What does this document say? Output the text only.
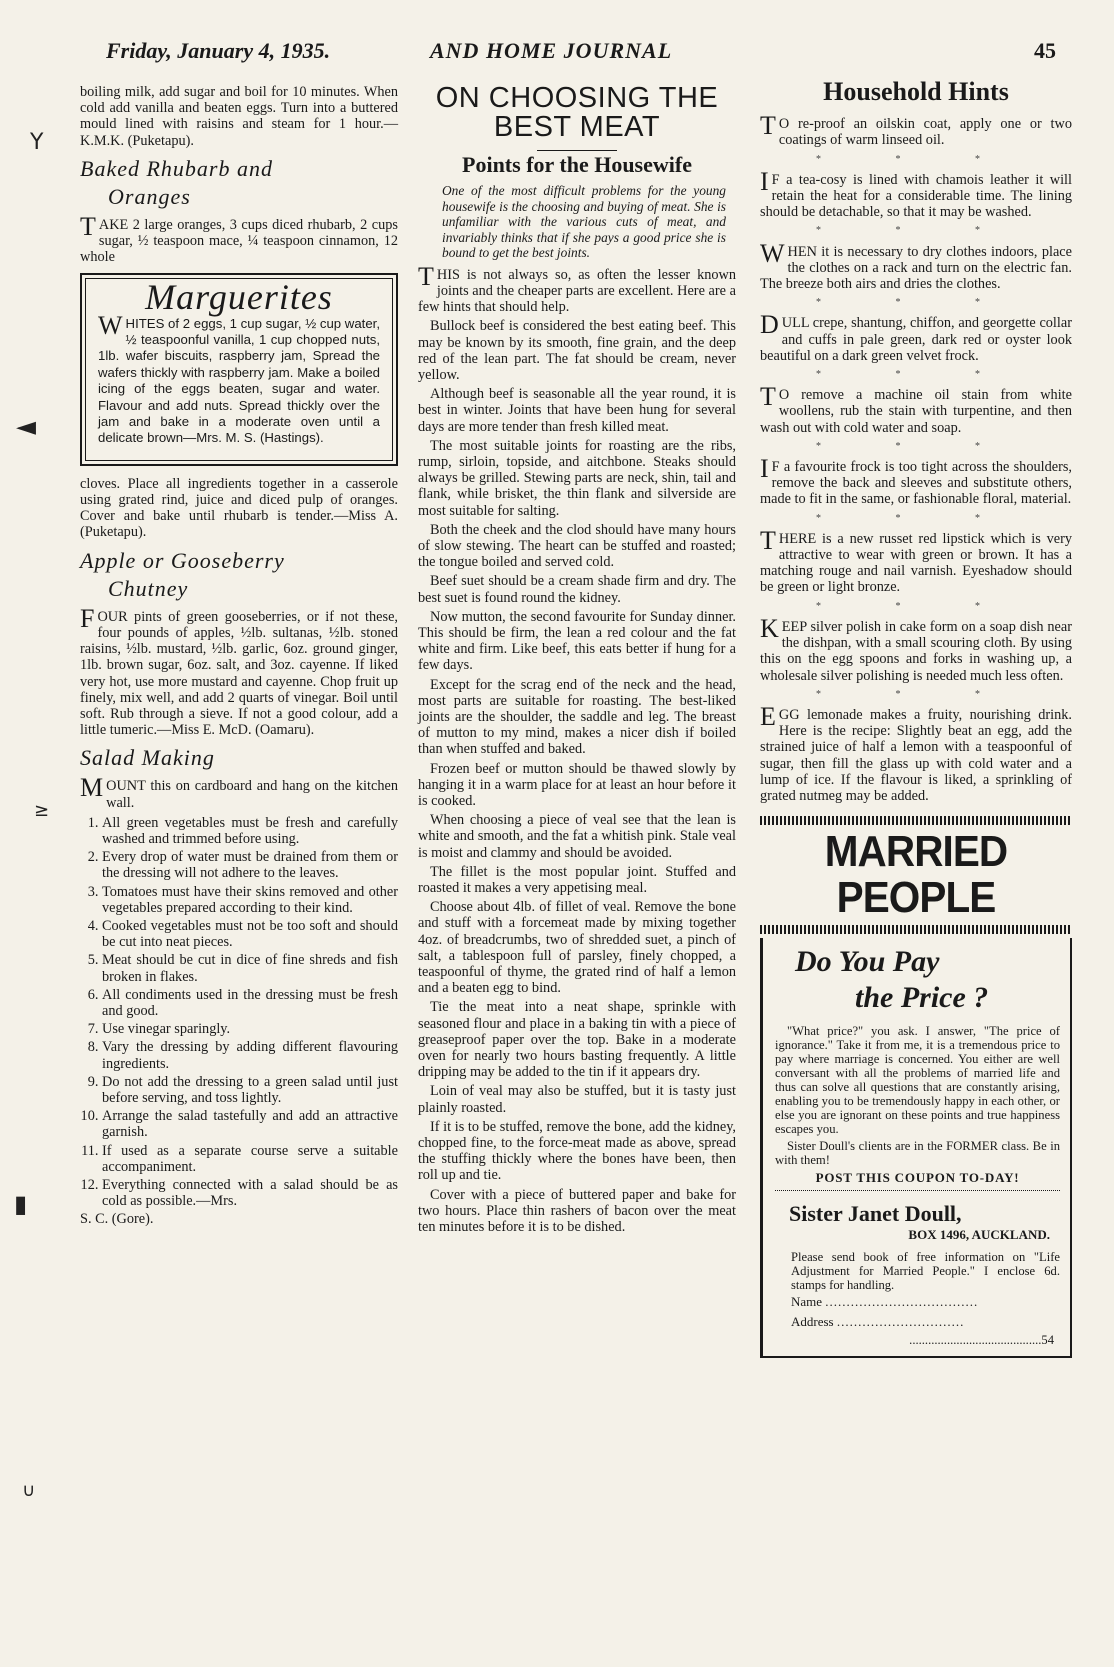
Y
◄
≥
▮
∪
Friday, January 4, 1935.	AND HOME JOURNAL	45

boiling milk, add sugar and boil for 10 minutes. When cold add vanilla and beaten eggs. Turn into a buttered mould lined with raisins and steam for 1 hour.—K.M.K. (Puketapu).

Baked Rhubarb and
Oranges

TAKE 2 large oranges, 3 cups diced rhubarb, 2 cups sugar, ½ teaspoon mace, ¼ teaspoon cinnamon, 12 whole

Marguerites

WHITES of 2 eggs, 1 cup sugar, ½ cup water, ½ teaspoonful vanilla, 1 cup chopped nuts, 1lb. wafer biscuits, raspberry jam, Spread the wafers thickly with raspberry jam. Make a boiled icing of the eggs beaten, sugar and water. Flavour and add nuts. Spread thickly over the jam and bake in a moderate oven until a delicate brown—Mrs. M. S. (Hastings).

cloves. Place all ingredients together in a casserole using grated rind, juice and diced pulp of oranges. Cover and bake until rhubarb is tender.—Miss A. (Puketapu).

Apple or Gooseberry
Chutney

FOUR pints of green gooseberries, or if not these, four pounds of apples, ½lb. sultanas, ½lb. stoned raisins, ½lb. mustard, ½lb. garlic, 6oz. ground ginger, 1lb. brown sugar, 6oz. salt, and 3oz. cayenne. If liked very hot, use more mustard and cayenne. Chop fruit up finely, mix well, and add 2 quarts of vinegar. Boil until soft. Rub through a sieve. If not a good colour, add a little tumeric.—Miss E. McD. (Oamaru).

Salad Making

MOUNT this on cardboard and hang on the kitchen wall.

1. All green vegetables must be fresh and carefully washed and trimmed before using.
2. Every drop of water must be drained from them or the dressing will not adhere to the leaves.
3. Tomatoes must have their skins removed and other vegetables prepared according to their kind.
4. Cooked vegetables must not be too soft and should be cut into neat pieces.
5. Meat should be cut in dice of fine shreds and fish broken in flakes.
6. All condiments used in the dressing must be fresh and good.
7. Use vinegar sparingly.
8. Vary the dressing by adding different flavouring ingredients.
9. Do not add the dressing to a green salad until just before serving, and toss lightly.
10. Arrange the salad tastefully and add an attractive garnish.
11. If used as a separate course serve a suitable accompaniment.
12. Everything connected with a salad should be as cold as possible.—Mrs.

S. C. (Gore).

ON CHOOSING THE
BEST MEAT
Points for the Housewife
One of the most difficult problems for the young housewife is the choosing and buying of meat. She is unfamiliar with the various cuts of meat, and invariably thinks that if she pays a good price she is bound to get the best joints.

THIS is not always so, as often the lesser known joints and the cheaper parts are excellent. Here are a few hints that should help.

Bullock beef is considered the best eating beef. This may be known by its smooth, fine grain, and the deep red of the lean part. The fat should be cream, never yellow.

Although beef is seasonable all the year round, it is best in winter. Joints that have been hung for several days are more tender than fresh killed meat.

The most suitable joints for roasting are the ribs, rump, sirloin, topside, and aitchbone. Steaks should always be grilled. Stewing parts are neck, shin, tail and flank, while brisket, the thin flank and silverside are most suitable for salting.

Both the cheek and the clod should have many hours of slow stewing. The heart can be stuffed and roasted; the tongue boiled and served cold.

Beef suet should be a cream shade firm and dry. The best suet is found round the kidney.

Now mutton, the second favourite for Sunday dinner. This should be firm, the lean a red colour and the fat white and firm. Like beef, this eats better if hung for a few days.

Except for the scrag end of the neck and the head, most parts are suitable for roasting. The best-liked joints are the shoulder, the saddle and leg. The breast of mutton to my mind, makes a nicer dish if boiled than when stuffed and baked.

Frozen beef or mutton should be thawed slowly by hanging it in a warm place for at least an hour before it is cooked.

When choosing a piece of veal see that the lean is white and smooth, and the fat a whitish pink. Stale veal is moist and clammy and should be avoided.

The fillet is the most popular joint. Stuffed and roasted it makes a very appetising meal.

Choose about 4lb. of fillet of veal. Remove the bone and stuff with a forcemeat made by mixing together 4oz. of breadcrumbs, two of shredded suet, a pinch of salt, a tablespoon full of parsley, finely chopped, a teaspoonful of thyme, the grated rind of half a lemon and a beaten egg to bind.

Tie the meat into a neat shape, sprinkle with seasoned flour and place in a baking tin with a piece of greaseproof paper over the top. Bake in a moderate oven for nearly two hours basting frequently. A little dripping may be added to the tin if it appears dry.

Loin of veal may also be stuffed, but it is tasty just plainly roasted.

If it is to be stuffed, remove the bone, add the kidney, chopped fine, to the force-meat made as above, spread the stuffing thickly where the bones have been, then roll up and tie.

Cover with a piece of buttered paper and bake for two hours. Place thin rashers of bacon over the meat ten minutes before it is to be dished.

Household Hints

T O re-proof an oilskin coat, apply one or two coatings of warm linseed oil.

* * *

I F a tea-cosy is lined with chamois leather it will retain the heat for a considerable time. The lining should be detachable, so that it may be washed.

* * *

WHEN it is necessary to dry clothes indoors, place the clothes on a rack and turn on the electric fan. The breeze both airs and dries the clothes.

* * *

DULL crepe, shantung, chiffon, and georgette collar and cuffs in pale green, dark red or oyster look beautiful on a dark green velvet frock.

* * *

T O remove a machine oil stain from white woollens, rub the stain with turpentine, and then wash out with cold water and soap.

* * *

I F a favourite frock is too tight across the shoulders, remove the back and sleeves and substitute others, made to fit in the same, or fashionable floral, material.

* * *

THERE is a new russet red lipstick which is very attractive to wear with green or brown. It has a matching rouge and nail varnish. Eyeshadow should be green or light bronze.

* * *

KEEP silver polish in cake form on a soap dish near the dishpan, with a small scouring cloth. By using this on the egg spoons and forks in washing up, a wholesale silver polishing is needed much less often.

* * *

EGG lemonade makes a fruity, nourishing drink. Here is the recipe: Slightly beat an egg, add the strained juice of half a lemon with a teaspoonful of sugar, then fill the glass up with cold water and a lump of ice. If the flavour is liked, a sprinkling of grated nutmeg may be added.

MARRIED PEOPLE
Do You Pay
the Price ?

"What price?" you ask. I answer, "The price of ignorance." Take it from me, it is a tremendous price to pay where marriage is concerned. You either are well conversant with all the problems of married life and thus can solve all questions that are constantly arising, enabling you to be tremendously happy in each other, or else you are ignorant on these points and true happiness escapes you.

Sister Doull's clients are in the FORMER class. Be in with them!

POST THIS COUPON TO-DAY!
Sister Janet Doull,
BOX 1496, AUCKLAND.
Please send book of free information on "Life Adjustment for Married People." I enclose 6d. stamps for handling.
Name ....................................
Address ..............................
..........................................54
